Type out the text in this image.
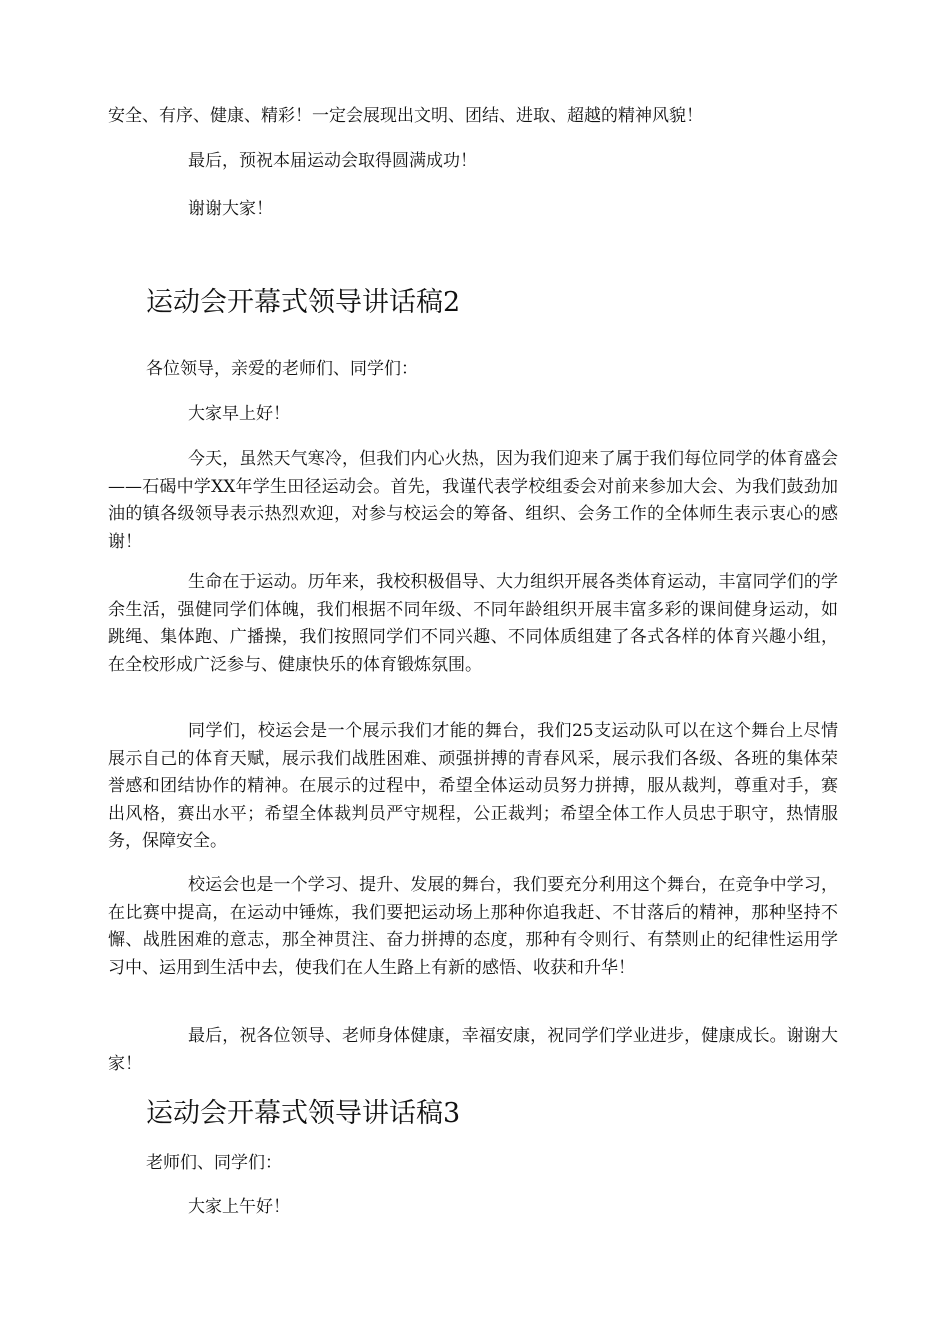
安全、有序、健康、精彩！一定会展现出文明、团结、进取、超越的精神风貌！

最后，预祝本届运动会取得圆满成功！

谢谢大家！

运动会开幕式领导讲话稿2

各位领导，亲爱的老师们、同学们：

大家早上好！

今天，虽然天气寒冷，但我们内心火热，因为我们迎来了属于我们每位同学的体育盛会——石碣中学XX年学生田径运动会。首先，我谨代表学校组委会对前来参加大会、为我们鼓劲加油的镇各级领导表示热烈欢迎，对参与校运会的筹备、组织、会务工作的全体师生表示衷心的感谢！

生命在于运动。历年来，我校积极倡导、大力组织开展各类体育运动，丰富同学们的学余生活，强健同学们体魄，我们根据不同年级、不同年龄组织开展丰富多彩的课间健身运动，如跳绳、集体跑、广播操，我们按照同学们不同兴趣、不同体质组建了各式各样的体育兴趣小组，在全校形成广泛参与、健康快乐的体育锻炼氛围。

同学们，校运会是一个展示我们才能的舞台，我们25支运动队可以在这个舞台上尽情展示自己的体育天赋，展示我们战胜困难、顽强拼搏的青春风采，展示我们各级、各班的集体荣誉感和团结协作的精神。在展示的过程中，希望全体运动员努力拼搏，服从裁判，尊重对手，赛出风格，赛出水平；希望全体裁判员严守规程，公正裁判；希望全体工作人员忠于职守，热情服务，保障安全。

校运会也是一个学习、提升、发展的舞台，我们要充分利用这个舞台，在竞争中学习，在比赛中提高，在运动中锤炼，我们要把运动场上那种你追我赶、不甘落后的精神，那种坚持不懈、战胜困难的意志，那全神贯注、奋力拼搏的态度，那种有令则行、有禁则止的纪律性运用学习中、运用到生活中去，使我们在人生路上有新的感悟、收获和升华！

最后，祝各位领导、老师身体健康，幸福安康，祝同学们学业进步，健康成长。谢谢大家！

运动会开幕式领导讲话稿3

老师们、同学们：

大家上午好！
